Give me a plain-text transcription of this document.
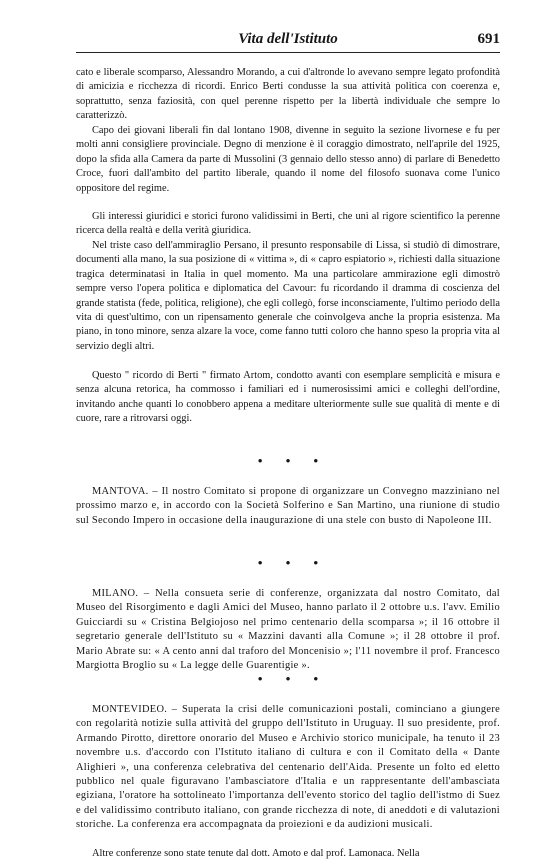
Vita dell'Istituto	691

cato e liberale scomparso, Alessandro Morando, a cui d'altronde lo avevano sempre legato profondità di amicizia e ricchezza di ricordi. Enrico Berti condusse la sua attività politica con coerenza e, soprattutto, senza faziosità, con quel perenne rispetto per la libertà individuale che sempre lo caratterizzò.

Capo dei giovani liberali fin dal lontano 1908, divenne in seguito la sezione livornese e fu per molti anni consigliere provinciale. Degno di menzione è il coraggio dimostrato, nell'aprile del 1925, dopo la sfida alla Camera da parte di Mussolini (3 gennaio dello stesso anno) di parlare di Benedetto Croce, fuori dall'ambito del partito liberale, quando il nome del filosofo suonava come l'unico oppositore del regime.

Gli interessi giuridici e storici furono validissimi in Berti, che unì al rigore scientifico la perenne ricerca della realtà e della verità giuridica.

Nel triste caso dell'ammiraglio Persano, il presunto responsabile di Lissa, si studiò di dimostrare, documenti alla mano, la sua posizione di « vittima », di « capro espiatorio », richiesti dalla situazione tragica determinatasi in Italia in quel momento. Ma una particolare ammirazione egli dimostrò sempre verso l'opera politica e diplomatica del Cavour: fu ricordando il dramma di coscienza del grande statista (fede, politica, religione), che egli collegò, forse inconsciamente, l'ultimo periodo della vita di quest'ultimo, con un ripensamento generale che coinvolgeva anche la propria esistenza. Ma piano, in tono minore, senza alzare la voce, come fanno tutti coloro che hanno speso la propria vita al servizio degli altri.

Questo " ricordo di Berti " firmato Artom, condotto avanti con esemplare semplicità e misura e senza alcuna retorica, ha commosso i familiari ed i numerosissimi amici e colleghi dell'ordine, invitando anche quanti lo conobbero appena a meditare ulteriormente sulle sue qualità di mente e di cuore, rare a ritrovarsi oggi.

• • •

MANTOVA. – Il nostro Comitato si propone di organizzare un Convegno mazziniano nel prossimo marzo e, in accordo con la Società Solferino e San Martino, una riunione di studio sul Secondo Impero in occasione della inaugurazione di una stele con busto di Napoleone III.

• • •

MILANO. – Nella consueta serie di conferenze, organizzata dal nostro Comitato, dal Museo del Risorgimento e dagli Amici del Museo, hanno parlato il 2 ottobre u.s. l'avv. Emilio Guicciardi su « Cristina Belgiojoso nel primo centenario della scomparsa »; il 16 ottobre il segretario generale dell'Istituto su « Mazzini davanti alla Comune »; il 28 ottobre il prof. Mario Abrate su: « A cento anni dal traforo del Moncenisio »; l'11 novembre il prof. Francesco Margiotta Broglio su « La legge delle Guarentigie ».

• • •

MONTEVIDEO. – Superata la crisi delle comunicazioni postali, cominciano a giungere con regolarità notizie sulla attività del gruppo dell'Istituto in Uruguay. Il suo presidente, prof. Armando Pirotto, direttore onorario del Museo e Archivio storico municipale, ha tenuto il 23 novembre u.s. d'accordo con l'Istituto italiano di cultura e con il Comitato della « Dante Alighieri », una conferenza celebrativa del centenario dell'Aida. Presente un folto ed eletto pubblico nel quale figuravano l'ambasciatore d'Italia e un rappresentante dell'ambasciata egiziana, l'oratore ha sottolineato l'importanza dell'evento storico del taglio dell'istmo di Suez e del validissimo contributo italiano, con grande ricchezza di note, di aneddoti e di valutazioni storiche. La conferenza era accompagnata da proiezioni e da audizioni musicali.

Altre conferenze sono state tenute dal dott. Amoto e dal prof. Lamonaca. Nella
